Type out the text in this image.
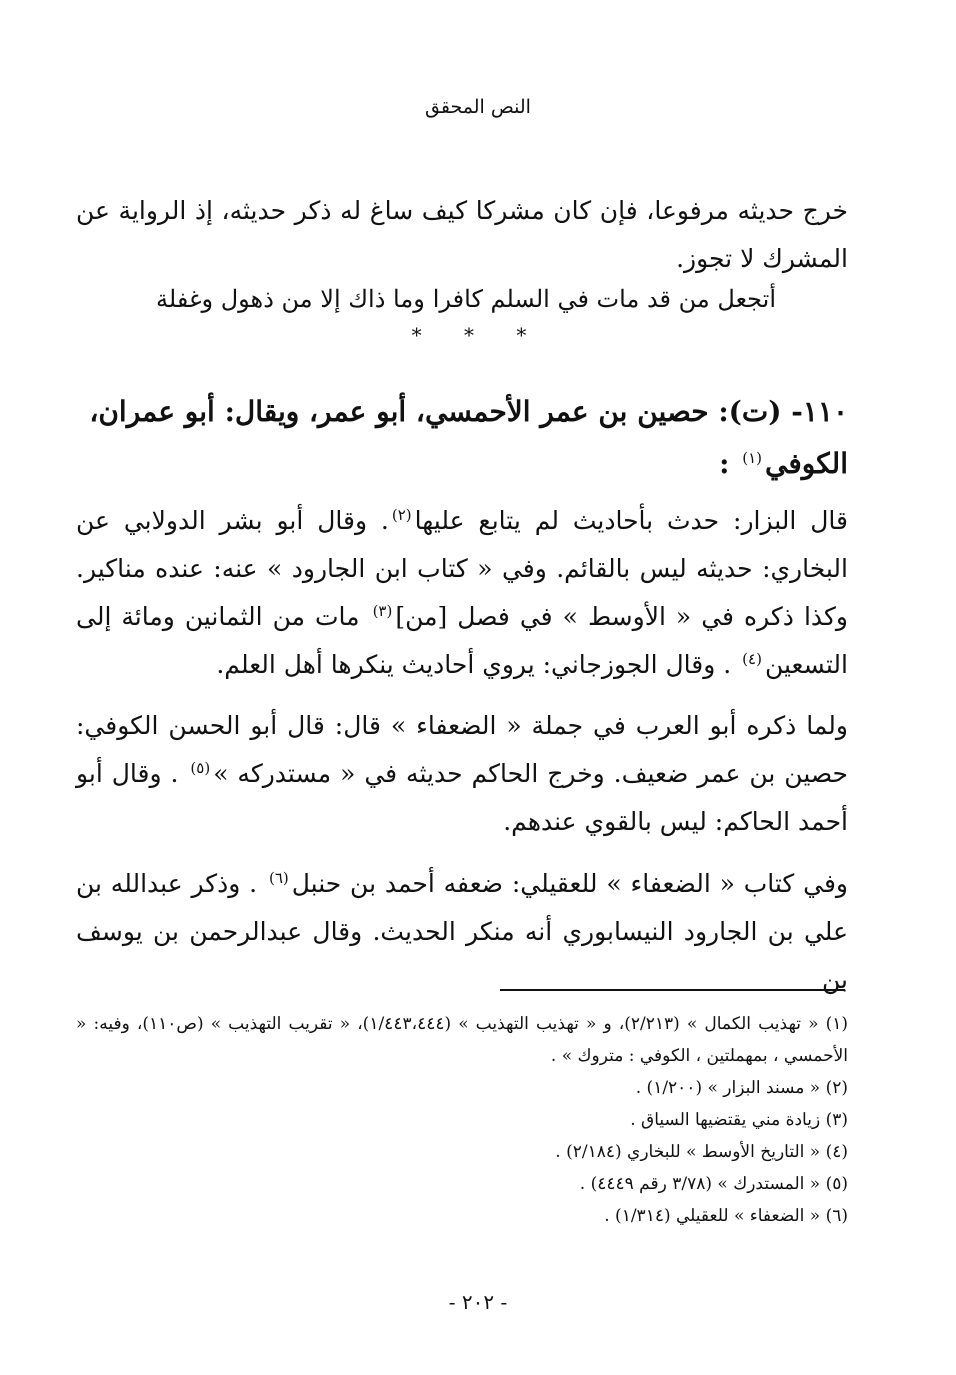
النص المحقق

خرج حديثه مرفوعا، فإن كان مشركا كيف ساغ له ذكر حديثه، إذ الرواية عن المشرك لا تجوز.

أتجعل من قد مات في السلم كافرا
وما ذاك إلا من ذهول وغفلة
* * *

١١٠- (ت): حصين بن عمر الأحمسي، أبو عمر، ويقال: أبو عمران،
الكوفي$^{(١)}$ :

قال البزار: حدث بأحاديث لم يتابع عليها$^{(٢)}$. وقال أبو بشر الدولابي عن البخاري: حديثه ليس بالقائم. وفي « كتاب ابن الجارود » عنه: عنده مناكير. وكذا ذكره في « الأوسط » في فصل [من]$^{(٣)}$ مات من الثمانين ومائة إلى التسعين$^{(٤)}$ . وقال الجوزجاني: يروي أحاديث ينكرها أهل العلم.

ولما ذكره أبو العرب في جملة « الضعفاء » قال: قال أبو الحسن الكوفي: حصين بن عمر ضعيف. وخرج الحاكم حديثه في « مستدركه »$^{(٥)}$ . وقال أبو أحمد الحاكم: ليس بالقوي عندهم.

وفي كتاب « الضعفاء » للعقيلي: ضعفه أحمد بن حنبل$^{(٦)}$ . وذكر عبدالله بن علي بن الجارود النيسابوري أنه منكر الحديث. وقال عبدالرحمن بن يوسف بن

(١) « تهذيب الكمال » (٢/٢١٣)، و « تهذيب التهذيب » (١/٤٤٣،٤٤٤)، « تقريب التهذيب » (ص١١٠)، وفيه: « الأحمسي ، بمهملتين ، الكوفي : متروك » .
(٢) « مسند البزار » (١/٢٠٠) .
(٣) زيادة مني يقتضيها السياق .
(٤) « التاريخ الأوسط » للبخاري (٢/١٨٤) .
(٥) « المستدرك » (٣/٧٨ رقم ٤٤٤٩) .
(٦) « الضعفاء » للعقيلي (١/٣١٤) .
- ٢٠٢ -
